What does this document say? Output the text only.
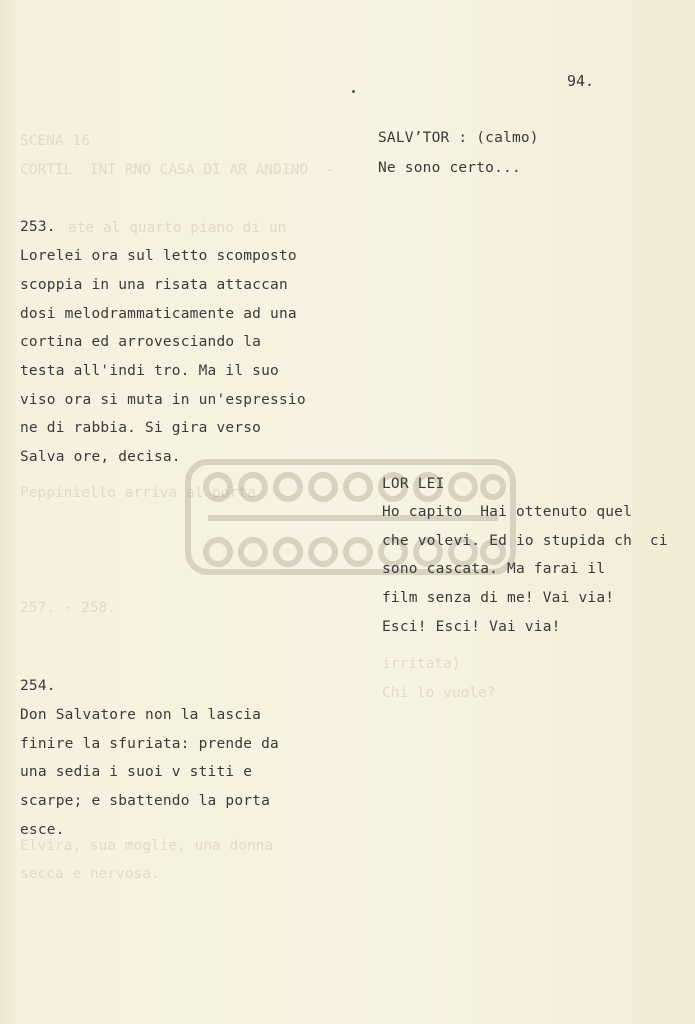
SCENA 16
CORTIL  INT RNO CASA DI AR ANDINO  -
ate al quarto piano di un
Peppiniello arriva al porta
257. - 258.
irritata)
Chi lo vuole?
Elvira, sua moglie, una donna
secca e nervosa.
94.
SALV’TOR : (calmo)
Ne sono certo...
253.
Lorelei ora sul letto scomposto
scoppia in una risata attaccan
dosi melodrammaticamente ad una
cortina ed arrovesciando la
testa all'indi tro. Ma il suo
viso ora si muta in un'espressio
ne di rabbia. Si gira verso
Salva ore, decisa.
LOR LEI
Ho capito  Hai ottenuto quel
che volevi. Ed io stupida ch  ci
sono cascata. Ma farai il
film senza di me! Vai via!
Esci! Esci! Vai via!
254.
Don Salvatore non la lascia
finire la sfuriata: prende da
una sedia i suoi v stiti e
scarpe; e sbattendo la porta
esce.
